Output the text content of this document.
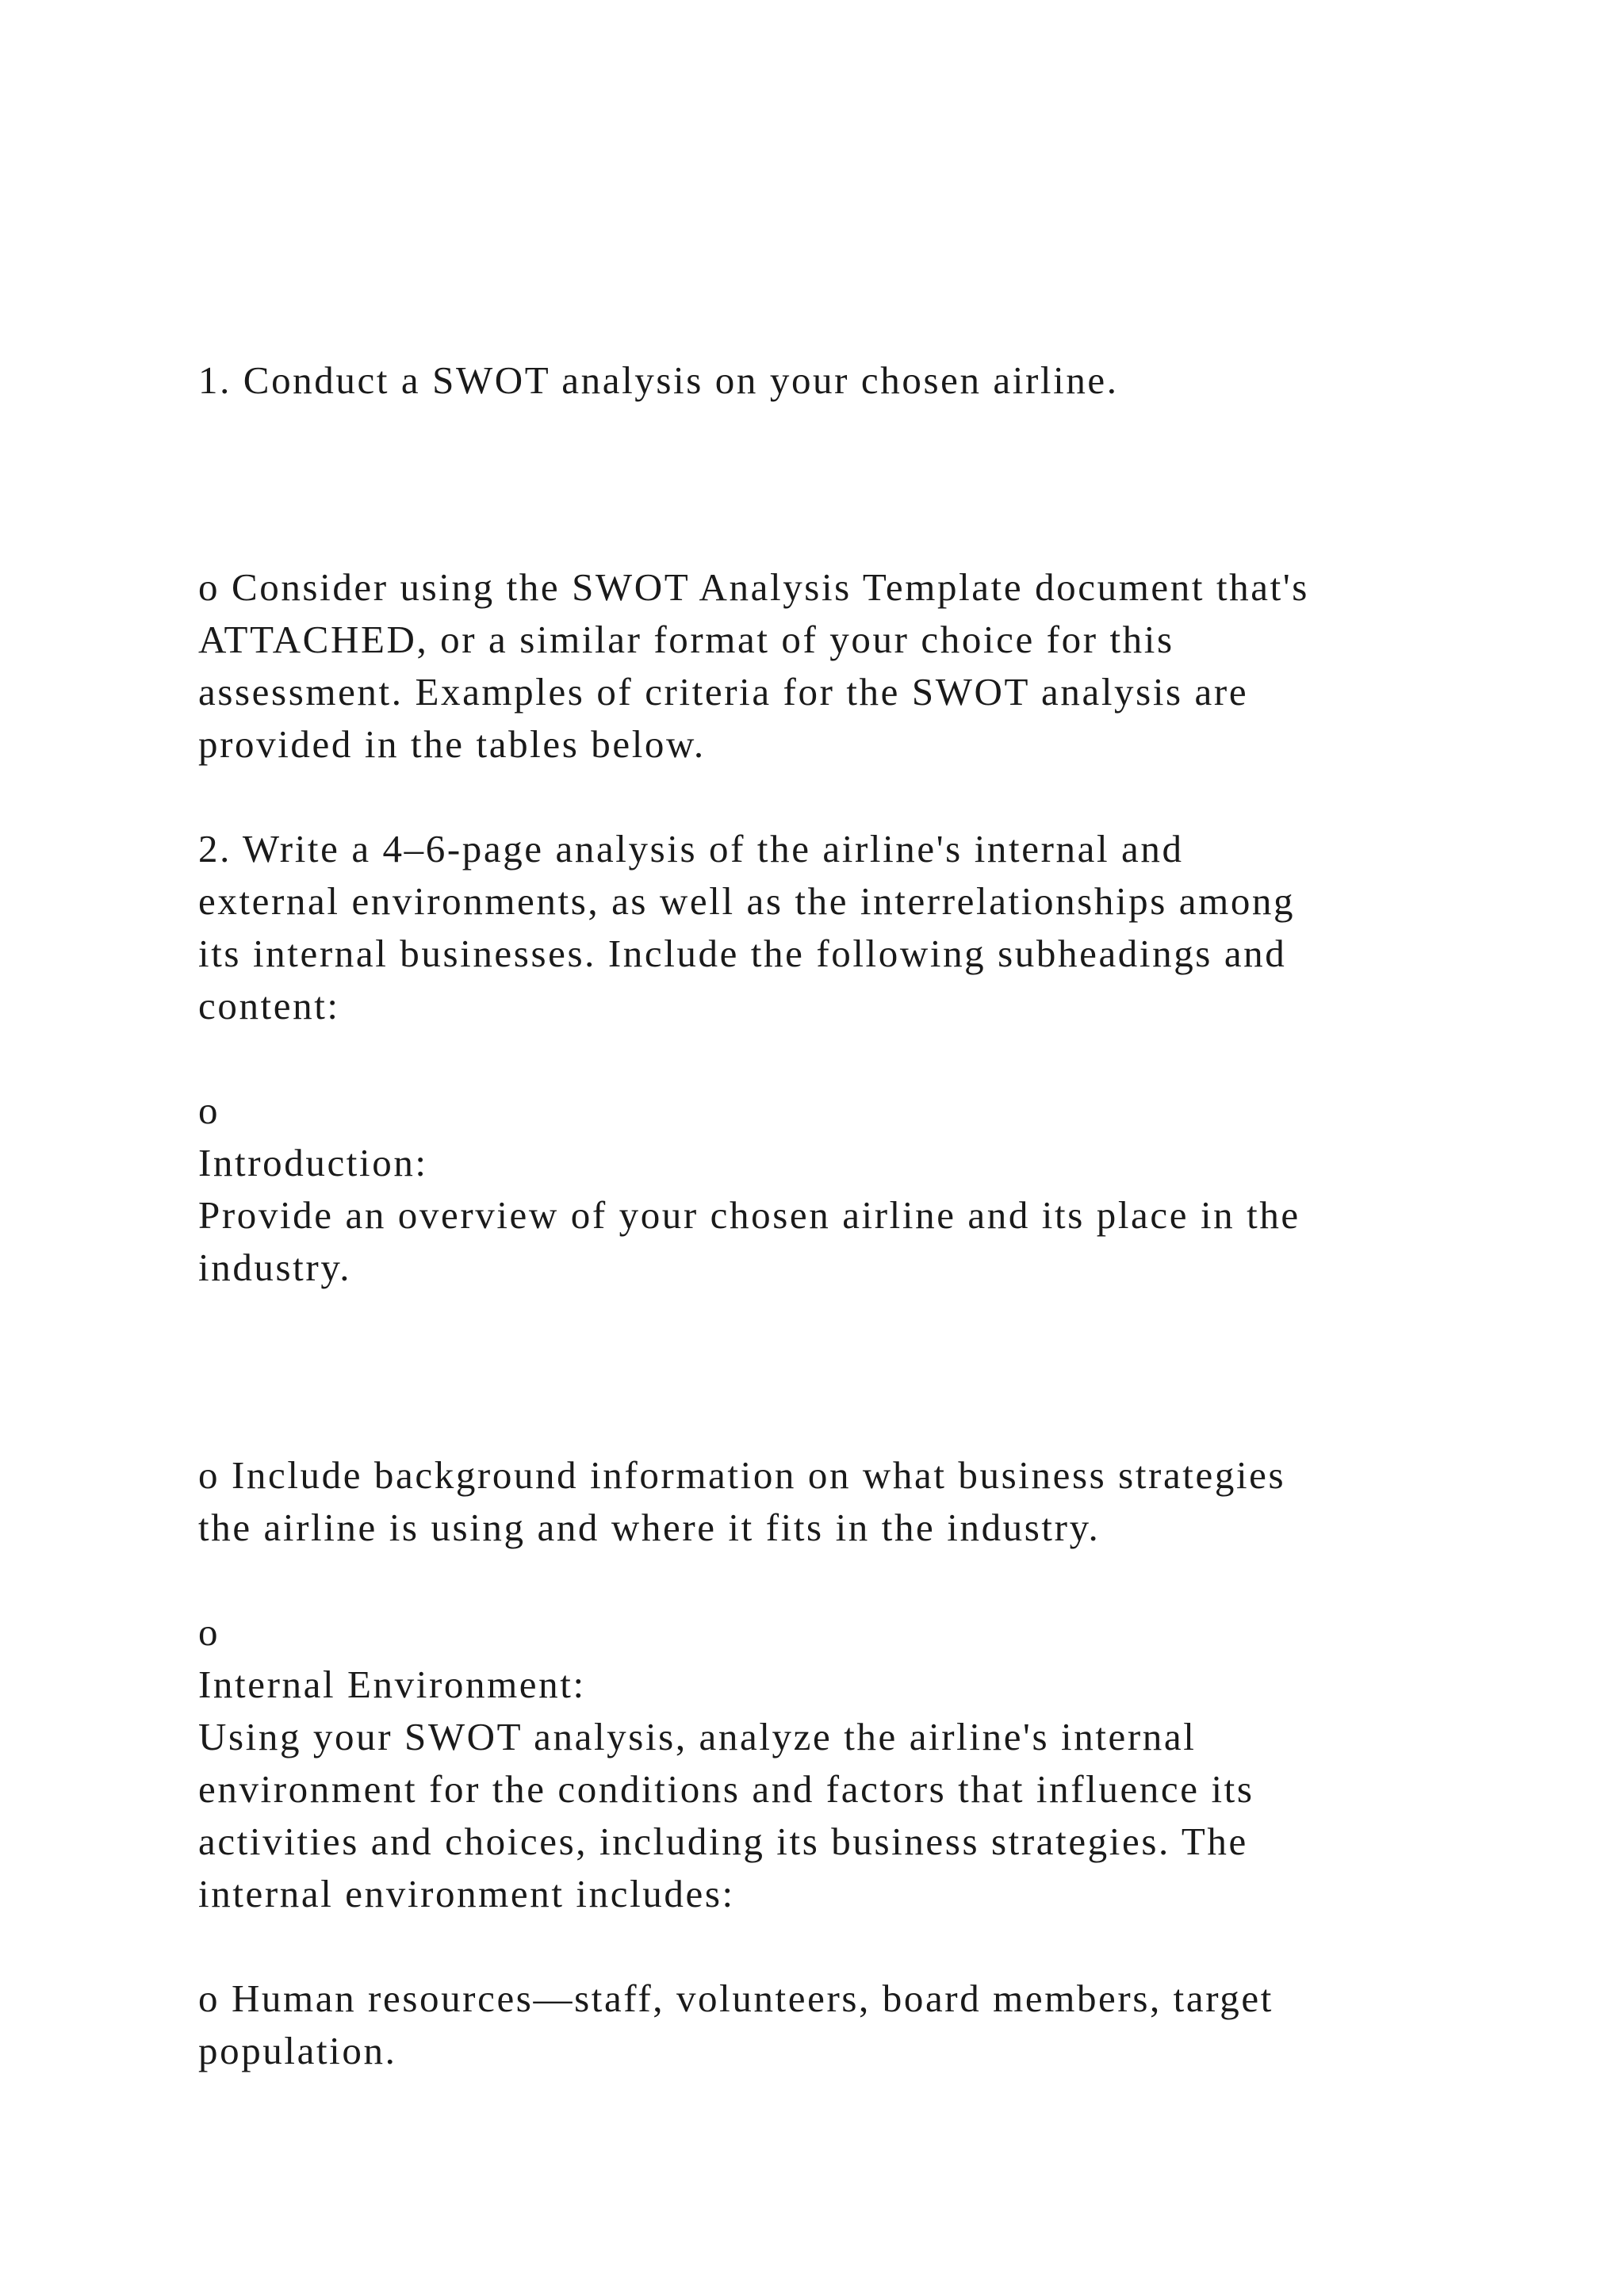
1. Conduct a SWOT analysis on your chosen airline.
o Consider using the SWOT Analysis Template document that's
ATTACHED, or a similar format of your choice for this
assessment. Examples of criteria for the SWOT analysis are
provided in the tables below.
2. Write a 4–6-page analysis of the airline's internal and
external environments, as well as the interrelationships among
its internal businesses. Include the following subheadings and
content:
o
Introduction:
Provide an overview of your chosen airline and its place in the
industry.
o Include background information on what business strategies
the airline is using and where it fits in the industry.
o
Internal Environment:
Using your SWOT analysis, analyze the airline's internal
environment for the conditions and factors that influence its
activities and choices, including its business strategies. The
internal environment includes:
o Human resources—staff, volunteers, board members, target
population.
